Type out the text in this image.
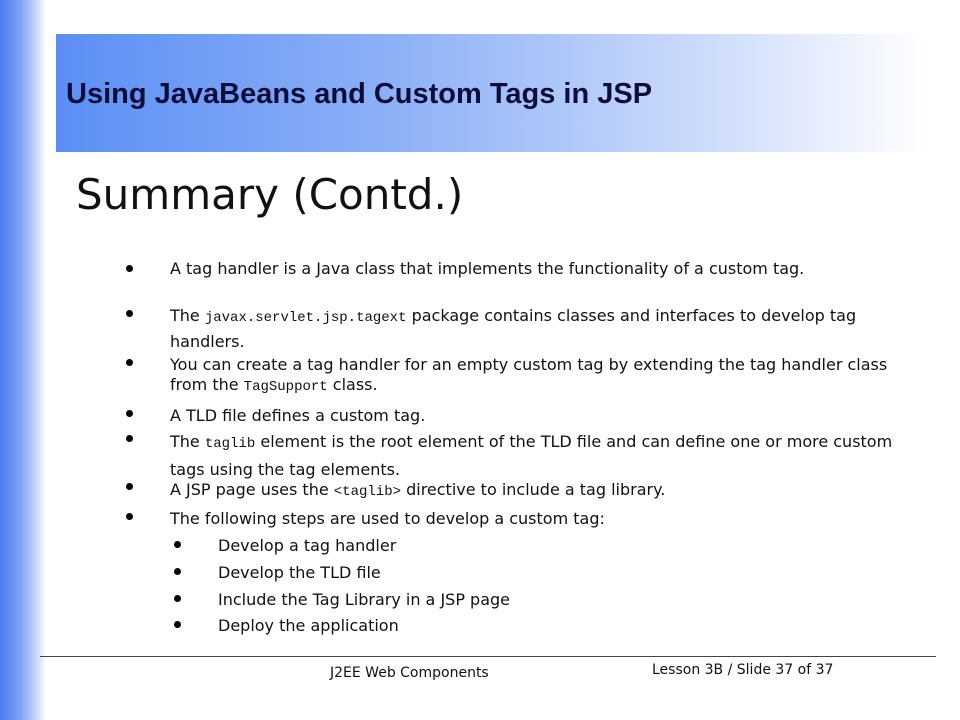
Using JavaBeans and Custom Tags in JSP
Summary (Contd.)
A tag handler is a Java class that implements the functionality of a custom tag.
The javax.servlet.jsp.tagext package contains classes and interfaces to develop tag handlers.
You can create a tag handler for an empty custom tag by extending the tag handler class from the TagSupport class.
A TLD file defines a custom tag.
The taglib element is the root element of the TLD file and can define one or more custom tags using the tag elements.
A JSP page uses the <taglib> directive to include a tag library.
The following steps are used to develop a custom tag:
Develop a tag handler
Develop the TLD file
Include the Tag Library in a JSP page
Deploy the application
J2EE Web Components	Lesson 3B / Slide 37 of 37
